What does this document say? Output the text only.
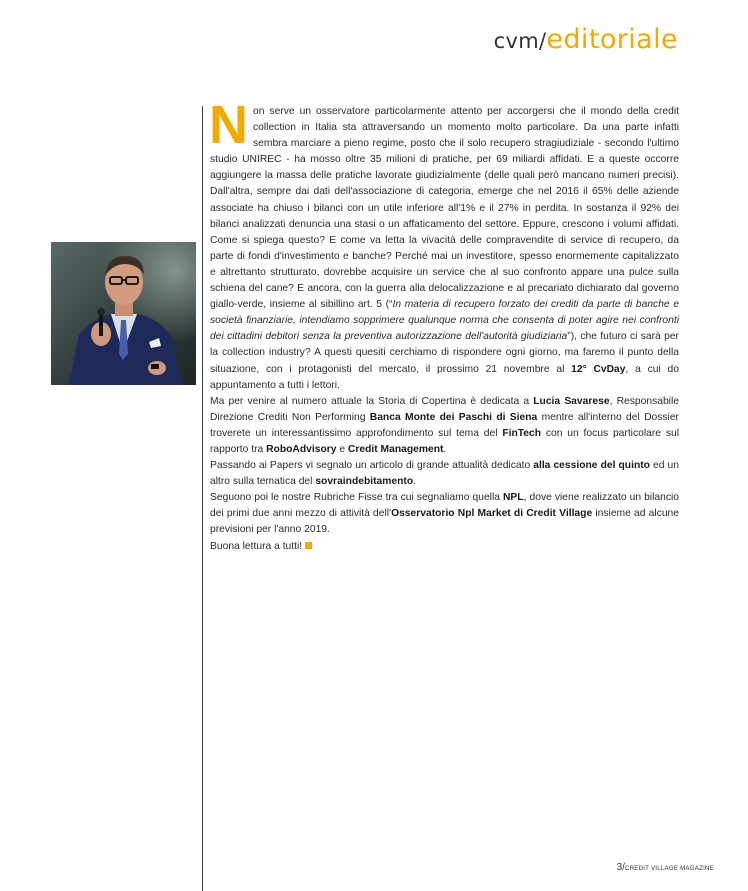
cvm/editoriale

Non serve un osservatore particolarmente attento per accorgersi che il mondo della credit collection in Italia sta attraversando un momento molto particolare. Da una parte infatti sembra marciare a pieno regime, posto che il solo recupero stragiudiziale - secondo l'ultimo studio UNIREC - ha mosso oltre 35 milioni di pratiche, per 69 miliardi affidati. E a queste occorre aggiungere la massa delle pratiche lavorate giudizialmente (delle quali però mancano numeri precisi). Dall'altra, sempre dai dati dell'associazione di categoria, emerge che nel 2016 il 65% delle aziende associate ha chiuso i bilanci con un utile inferiore all'1% e il 27% in perdita. In sostanza il 92% dei bilanci analizzati denuncia una stasi o un affaticamento del settore. Eppure, crescono i volumi affidati. Come si spiega questo? E come va letta la vivacità delle compravendite di service di recupero, da parte di fondi d'investimento e banche? Perché mai un investitore, spesso enormemente capitalizzato e altrettanto strutturato, dovrebbe acquisire un service che al suo confronto appare una pulce sulla schiena del cane? E ancora, con la guerra alla delocalizzazione e al precariato dichiarato dal governo giallo-verde, insieme al sibillino art. 5 (“In materia di recupero forzato dei crediti da parte di banche e società finanziarie, intendiamo sopprimere qualunque norma che consenta di poter agire nei confronti dei cittadini debitori senza la preventiva autorizzazione dell'autorità giudiziaria”), che futuro ci sarà per la collection industry? A questi quesiti cerchiamo di rispondere ogni giorno, ma faremo il punto della situazione, con i protagonisti del mercato, il prossimo 21 novembre al 12° CvDay, a cui do appuntamento a tutti i lettori.

Ma per venire al numero attuale la Storia di Copertina è dedicata a Lucia Savarese, Responsabile Direzione Crediti Non Performing Banca Monte dei Paschi di Siena mentre all'interno del Dossier troverete un interessantissimo approfondimento sul tema del FinTech con un focus particolare sul rapporto tra RoboAdvisory e Credit Management.

Passando ai Papers vi segnalo un articolo di grande attualità dedicato alla cessione del quinto ed un altro sulla tematica del sovraindebitamento.

Seguono poi le nostre Rubriche Fisse tra cui segnaliamo quella NPL, dove viene realizzato un bilancio dei primi due anni mezzo di attività dell'Osservatorio Npl Market di Credit Village insieme ad alcune previsioni per l'anno 2019.

Buona lettura a tutti!

3/CREDIT VILLAGE MAGAZINE
